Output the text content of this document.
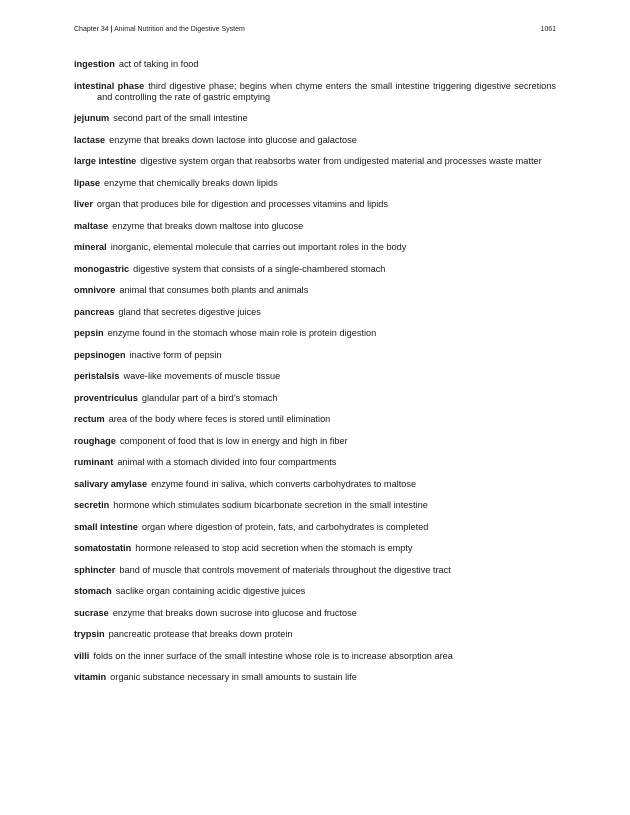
Chapter 34 | Animal Nutrition and the Digestive System	1061

ingestion act of taking in food

intestinal phase third digestive phase; begins when chyme enters the small intestine triggering digestive secretions and controlling the rate of gastric emptying

jejunum second part of the small intestine

lactase enzyme that breaks down lactose into glucose and galactose

large intestine digestive system organ that reabsorbs water from undigested material and processes waste matter

lipase enzyme that chemically breaks down lipids

liver organ that produces bile for digestion and processes vitamins and lipids

maltase enzyme that breaks down maltose into glucose

mineral inorganic, elemental molecule that carries out important roles in the body

monogastric digestive system that consists of a single-chambered stomach

omnivore animal that consumes both plants and animals

pancreas gland that secretes digestive juices

pepsin enzyme found in the stomach whose main role is protein digestion

pepsinogen inactive form of pepsin

peristalsis wave-like movements of muscle tissue

proventriculus glandular part of a bird’s stomach

rectum area of the body where feces is stored until elimination

roughage component of food that is low in energy and high in fiber

ruminant animal with a stomach divided into four compartments

salivary amylase enzyme found in saliva, which converts carbohydrates to maltose

secretin hormone which stimulates sodium bicarbonate secretion in the small intestine

small intestine organ where digestion of protein, fats, and carbohydrates is completed

somatostatin hormone released to stop acid secretion when the stomach is empty

sphincter band of muscle that controls movement of materials throughout the digestive tract

stomach saclike organ containing acidic digestive juices

sucrase enzyme that breaks down sucrose into glucose and fructose

trypsin pancreatic protease that breaks down protein

villi folds on the inner surface of the small intestine whose role is to increase absorption area

vitamin organic substance necessary in small amounts to sustain life
